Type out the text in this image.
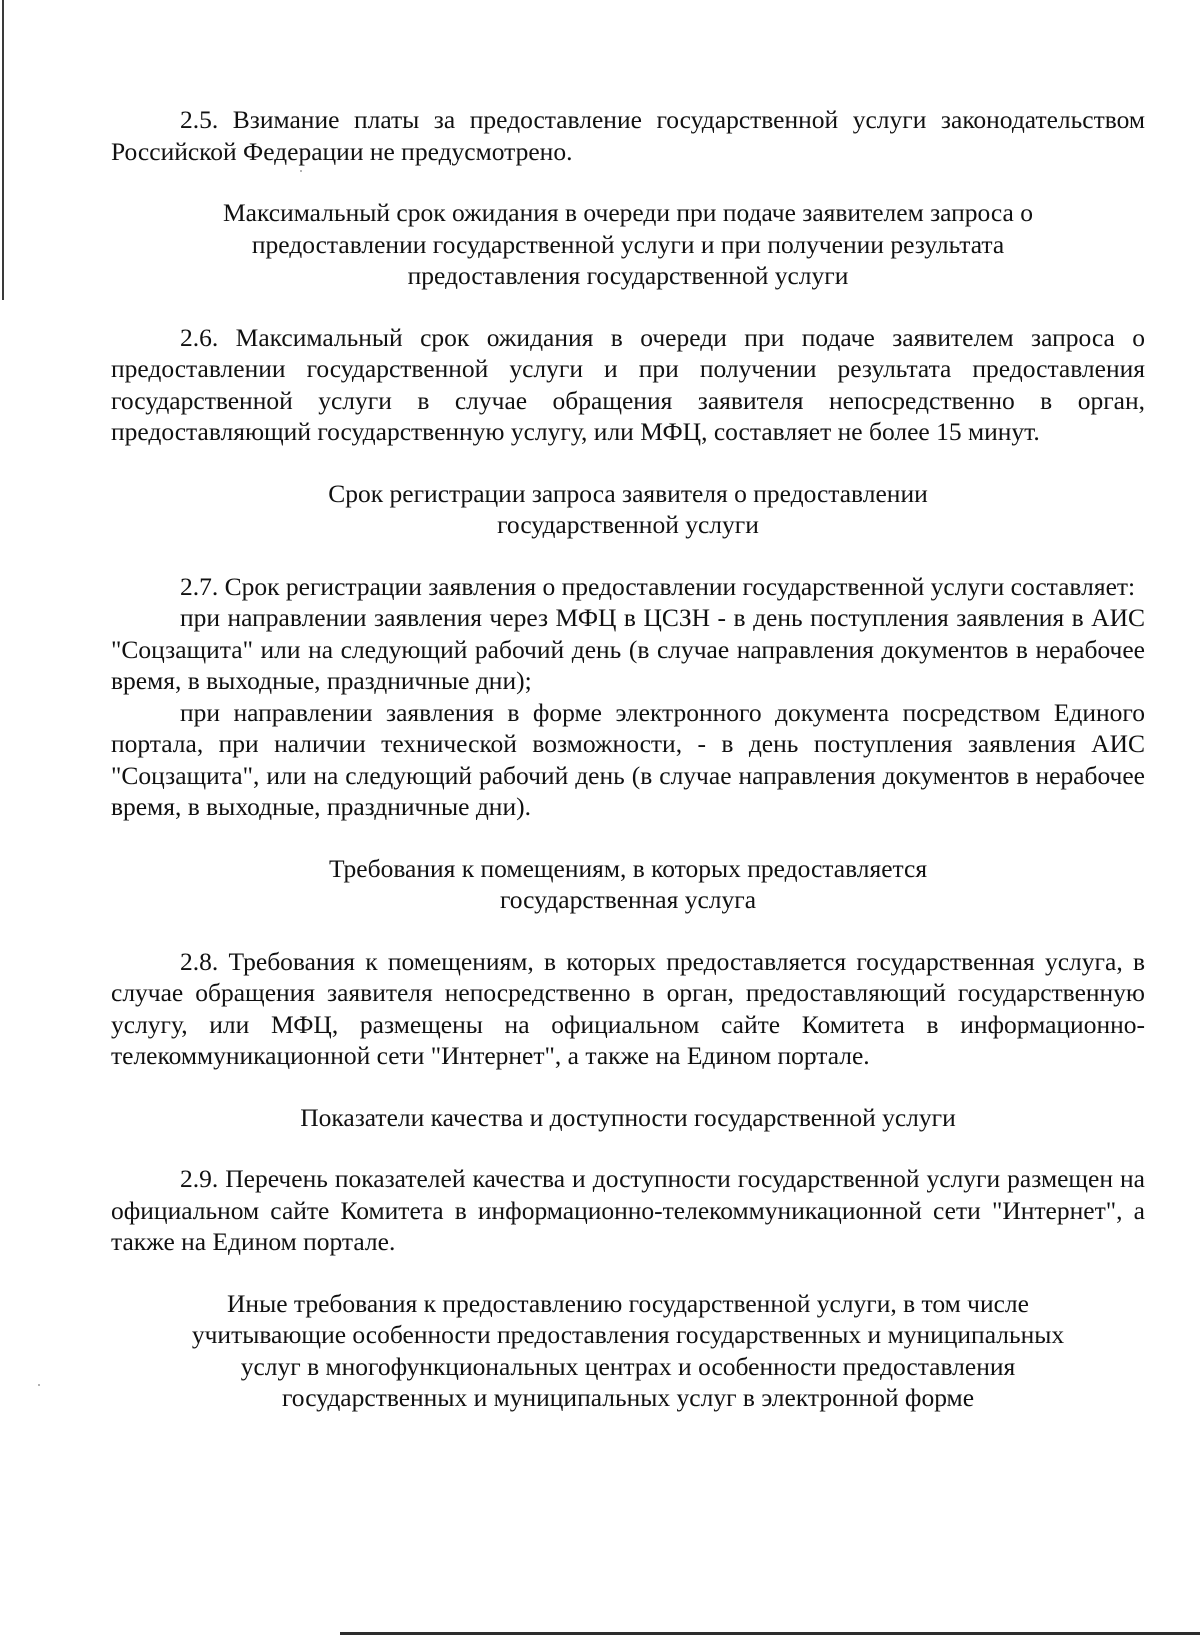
2.5. Взимание платы за предоставление государственной услуги законодательством Российской Федерации не предусмотрено.

Максимальный срок ожидания в очереди при подаче заявителем запроса о
предоставлении государственной услуги и при получении результата
предоставления государственной услуги

2.6. Максимальный срок ожидания в очереди при подаче заявителем запроса о предоставлении государственной услуги и при получении результата предоставления государственной услуги в случае обращения заявителя непосредственно в орган, предоставляющий государственную услугу, или МФЦ, составляет не более 15 минут.

Срок регистрации запроса заявителя о предоставлении
государственной услуги

2.7. Срок регистрации заявления о предоставлении государственной услуги составляет:

при направлении заявления через МФЦ в ЦСЗН - в день поступления заявления в АИС "Соцзащита" или на следующий рабочий день (в случае направления документов в нерабочее время, в выходные, праздничные дни);

при направлении заявления в форме электронного документа посредством Единого портала, при наличии технической возможности, - в день поступления заявления АИС "Соцзащита", или на следующий рабочий день (в случае направления документов в нерабочее время, в выходные, праздничные дни).

Требования к помещениям, в которых предоставляется
государственная услуга

2.8. Требования к помещениям, в которых предоставляется государственная услуга, в случае обращения заявителя непосредственно в орган, предоставляющий государственную услугу, или МФЦ, размещены на официальном сайте Комитета в информационно-телекоммуникационной сети "Интернет", а также на Едином портале.

Показатели качества и доступности государственной услуги

2.9. Перечень показателей качества и доступности государственной услуги размещен на официальном сайте Комитета в информационно-телекоммуникационной сети "Интернет", а также на Едином портале.

Иные требования к предоставлению государственной услуги, в том числе
учитывающие особенности предоставления государственных и муниципальных
услуг в многофункциональных центрах и особенности предоставления
государственных и муниципальных услуг в электронной форме
